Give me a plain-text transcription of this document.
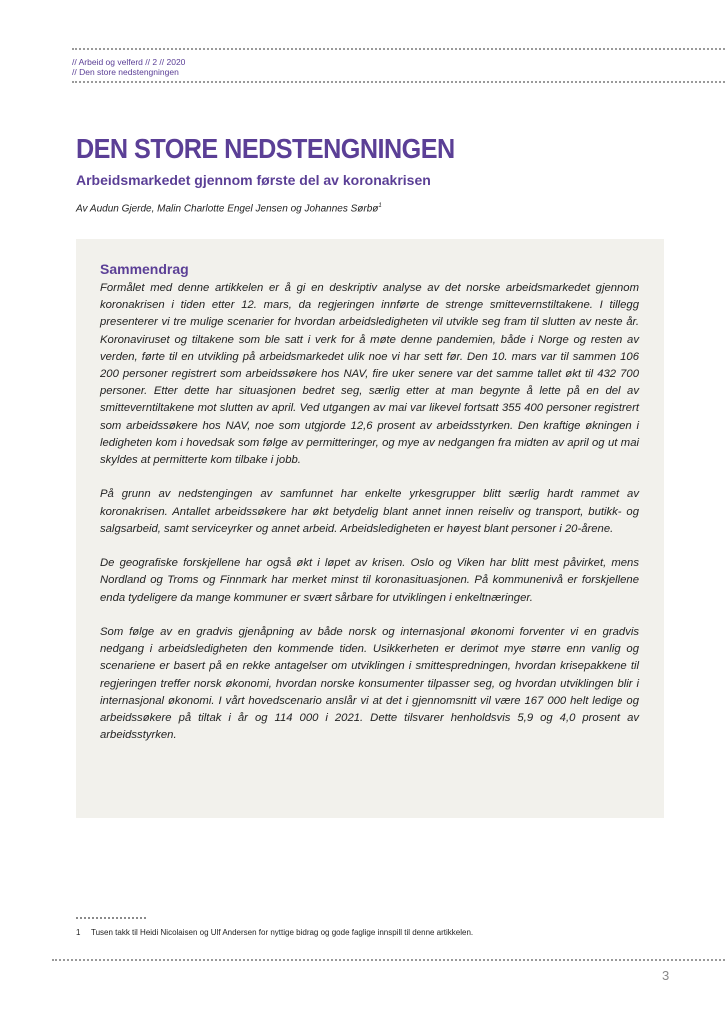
// Arbeid og velferd // 2 // 2020
// Den store nedstengningen
DEN STORE NEDSTENGNINGEN
Arbeidsmarkedet gjennom første del av koronakrisen
Av Audun Gjerde, Malin Charlotte Engel Jensen og Johannes Sørbø$^1$
Sammendrag

Formålet med denne artikkelen er å gi en deskriptiv analyse av det norske arbeidsmarkedet gjennom koronakrisen i tiden etter 12. mars, da regjeringen innførte de strenge smittevernstiltakene. I tillegg presenterer vi tre mulige scenarier for hvordan arbeidsledigheten vil utvikle seg fram til slutten av neste år. Koronaviruset og tiltakene som ble satt i verk for å møte denne pandemien, både i Norge og resten av verden, førte til en utvikling på arbeidsmarkedet ulik noe vi har sett før. Den 10. mars var til sammen 106 200 personer registrert som arbeidssøkere hos NAV, fire uker senere var det samme tallet økt til 432 700 personer. Etter dette har situasjonen bedret seg, særlig etter at man begynte å lette på en del av smitteverntiltakene mot slutten av april. Ved utgangen av mai var likevel fortsatt 355 400 personer registrert som arbeidssøkere hos NAV, noe som utgjorde 12,6 prosent av arbeidsstyrken. Den kraftige økningen i ledigheten kom i hovedsak som følge av permitteringer, og mye av nedgangen fra midten av april og ut mai skyldes at permitterte kom tilbake i jobb.

På grunn av nedstengingen av samfunnet har enkelte yrkesgrupper blitt særlig hardt rammet av koronakrisen. Antallet arbeidssøkere har økt betydelig blant annet innen reiseliv og transport, butikk- og salgsarbeid, samt serviceyrker og annet arbeid. Arbeidsledigheten er høyest blant personer i 20-årene.

De geografiske forskjellene har også økt i løpet av krisen. Oslo og Viken har blitt mest påvirket, mens Nordland og Troms og Finnmark har merket minst til koronasituasjonen. På kommunenivå er forskjellene enda tydeligere da mange kommuner er svært sårbare for utviklingen i enkeltnæringer.

Som følge av en gradvis gjenåpning av både norsk og internasjonal økonomi forventer vi en gradvis nedgang i arbeidsledigheten den kommende tiden. Usikkerheten er derimot mye større enn vanlig og scenariene er basert på en rekke antagelser om utviklingen i smittespredningen, hvordan krisepakkene til regjeringen treffer norsk økonomi, hvordan norske konsumenter tilpasser seg, og hvordan utviklingen blir i internasjonal økonomi. I vårt hovedscenario anslår vi at det i gjennomsnitt vil være 167 000 helt ledige og arbeidssøkere på tiltak i år og 114 000 i 2021. Dette tilsvarer henholdsvis 5,9 og 4,0 prosent av arbeidsstyrken.

1 Tusen takk til Heidi Nicolaisen og Ulf Andersen for nyttige bidrag og gode faglige innspill til denne artikkelen.
3
